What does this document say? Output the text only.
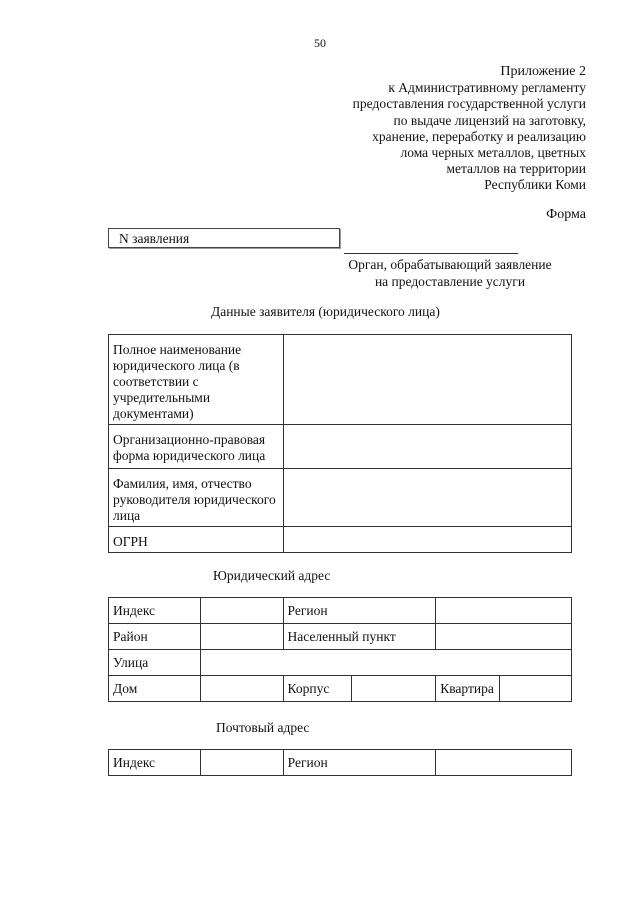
50
Приложение 2
к Административному регламенту
предоставления государственной услуги
по выдаче лицензий на заготовку,
хранение, переработку и реализацию
лома черных металлов, цветных
металлов на территории
Республики Коми
Форма
N заявления
Орган, обрабатывающий заявление
на предоставление услуги
Данные заявителя (юридического лица)
Полное наименование юридического лица (в соответствии с учредительными документами)	
Организационно-правовая форма юридического лица	
Фамилия, имя, отчество руководителя юридического лица	
ОГРН	
Юридический адрес
Индекс		Регион			
Район		Населенный пункт			
Улица					
Дом		Корпус		Квартира	
Почтовый адрес
Индекс		Регион	
